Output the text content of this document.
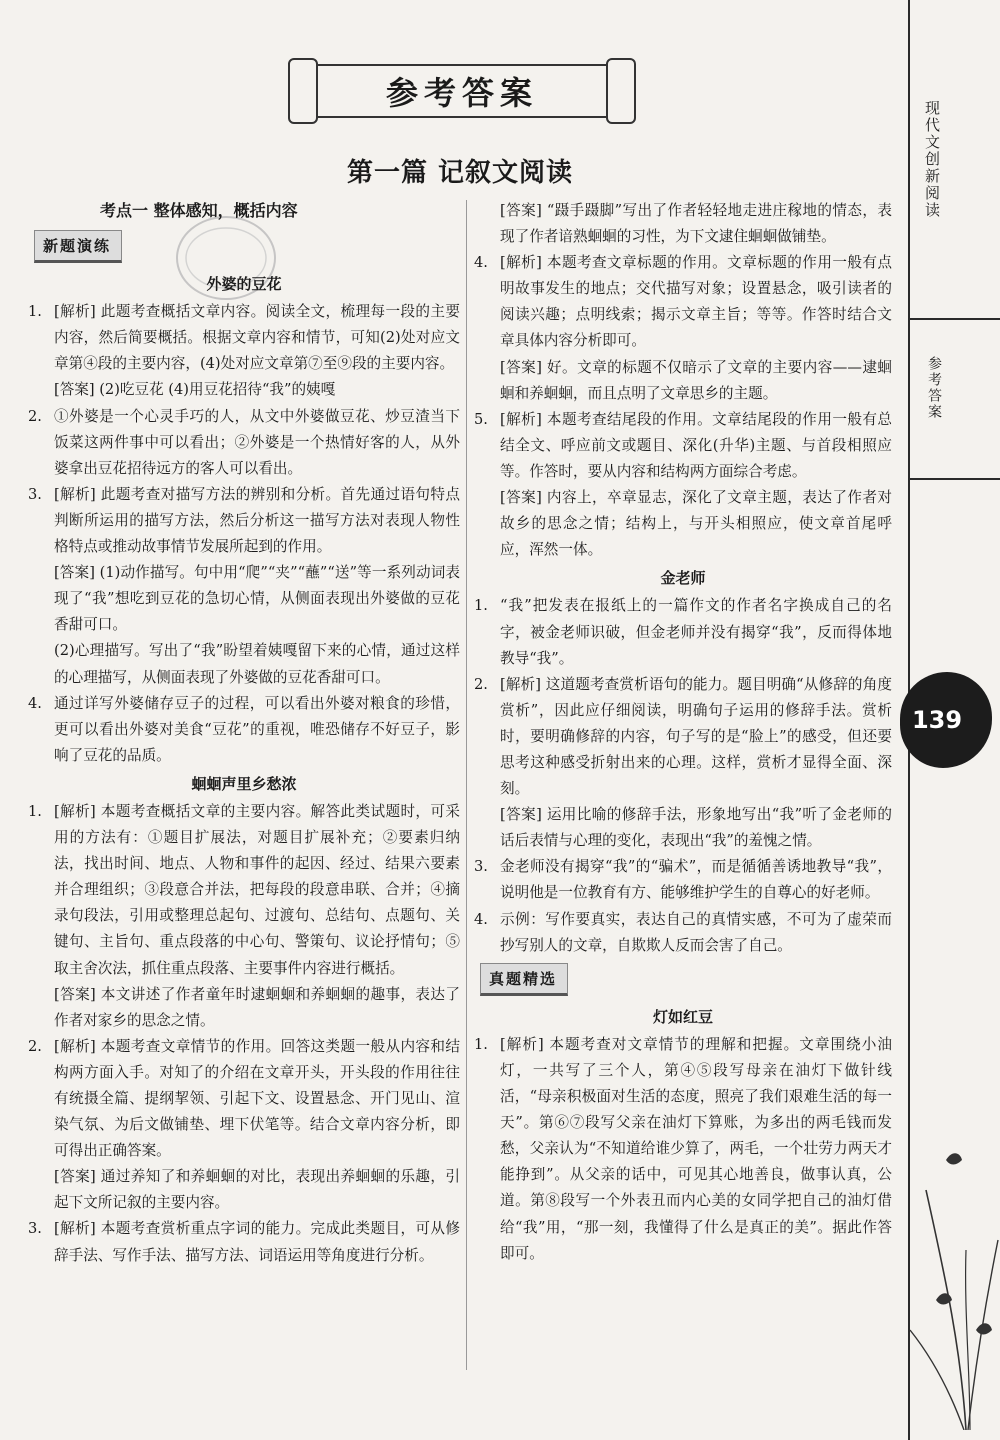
现代文创新阅读
参考答案
139
参考答案
第一篇 记叙文阅读
考点一 整体感知，概括内容
新题演练
外婆的豆花
1. [解析] 此题考查概括文章内容。阅读全文，梳理每一段的主要内容，然后简要概括。根据文章内容和情节，可知(2)处对应文章第④段的主要内容，(4)处对应文章第⑦至⑨段的主要内容。
[答案] (2)吃豆花 (4)用豆花招待“我”的姨嘎
2. ①外婆是一个心灵手巧的人，从文中外婆做豆花、炒豆渣当下饭菜这两件事中可以看出；②外婆是一个热情好客的人，从外婆拿出豆花招待远方的客人可以看出。
3. [解析] 此题考查对描写方法的辨别和分析。首先通过语句特点判断所运用的描写方法，然后分析这一描写方法对表现人物性格特点或推动故事情节发展所起到的作用。
[答案] (1)动作描写。句中用“爬”“夹”“蘸”“送”等一系列动词表现了“我”想吃到豆花的急切心情，从侧面表现出外婆做的豆花香甜可口。
(2)心理描写。写出了“我”盼望着姨嘎留下来的心情，通过这样的心理描写，从侧面表现了外婆做的豆花香甜可口。
4. 通过详写外婆储存豆子的过程，可以看出外婆对粮食的珍惜，更可以看出外婆对美食“豆花”的重视，唯恐储存不好豆子，影响了豆花的品质。
蛔蛔声里乡愁浓
1. [解析] 本题考查概括文章的主要内容。解答此类试题时，可采用的方法有：①题目扩展法，对题目扩展补充；②要素归纳法，找出时间、地点、人物和事件的起因、经过、结果六要素并合理组织；③段意合并法，把每段的段意串联、合并；④摘录句段法，引用或整理总起句、过渡句、总结句、点题句、关键句、主旨句、重点段落的中心句、警策句、议论抒情句；⑤取主舍次法，抓住重点段落、主要事件内容进行概括。
[答案] 本文讲述了作者童年时逮蛔蛔和养蛔蛔的趣事，表达了作者对家乡的思念之情。
2. [解析] 本题考查文章情节的作用。回答这类题一般从内容和结构两方面入手。对知了的介绍在文章开头，开头段的作用往往有统摄全篇、提纲挈领、引起下文、设置悬念、开门见山、渲染气氛、为后文做铺垫、埋下伏笔等。结合文章内容分析，即可得出正确答案。
[答案] 通过养知了和养蛔蛔的对比，表现出养蛔蛔的乐趣，引起下文所记叙的主要内容。
3. [解析] 本题考查赏析重点字词的能力。完成此类题目，可从修辞手法、写作手法、描写方法、词语运用等角度进行分析。
[答案] “蹑手蹑脚”写出了作者轻轻地走进庄稼地的情态，表现了作者谙熟蛔蛔的习性，为下文逮住蛔蛔做铺垫。
4. [解析] 本题考查文章标题的作用。文章标题的作用一般有点明故事发生的地点；交代描写对象；设置悬念，吸引读者的阅读兴趣；点明线索；揭示文章主旨；等等。作答时结合文章具体内容分析即可。
[答案] 好。文章的标题不仅暗示了文章的主要内容——逮蛔蛔和养蛔蛔，而且点明了文章思乡的主题。
5. [解析] 本题考查结尾段的作用。文章结尾段的作用一般有总结全文、呼应前文或题目、深化(升华)主题、与首段相照应等。作答时，要从内容和结构两方面综合考虑。
[答案] 内容上，卒章显志，深化了文章主题，表达了作者对故乡的思念之情；结构上，与开头相照应，使文章首尾呼应，浑然一体。
金老师
1. “我”把发表在报纸上的一篇作文的作者名字换成自己的名字，被金老师识破，但金老师并没有揭穿“我”，反而得体地教导“我”。
2. [解析] 这道题考查赏析语句的能力。题目明确“从修辞的角度赏析”，因此应仔细阅读，明确句子运用的修辞手法。赏析时，要明确修辞的内容，句子写的是“脸上”的感受，但还要思考这种感受折射出来的心理。这样，赏析才显得全面、深刻。
[答案] 运用比喻的修辞手法，形象地写出“我”听了金老师的话后表情与心理的变化，表现出“我”的羞愧之情。
3. 金老师没有揭穿“我”的“骗术”，而是循循善诱地教导“我”，说明他是一位教育有方、能够维护学生的自尊心的好老师。
4. 示例：写作要真实，表达自己的真情实感，不可为了虚荣而抄写别人的文章，自欺欺人反而会害了自己。
真题精选
灯如红豆
1. [解析] 本题考查对文章情节的理解和把握。文章围绕小油灯，一共写了三个人，第④⑤段写母亲在油灯下做针线活，“母亲积极面对生活的态度，照亮了我们艰难生活的每一天”。第⑥⑦段写父亲在油灯下算账，为多出的两毛钱而发愁，父亲认为“不知道给谁少算了，两毛，一个壮劳力两天才能挣到”。从父亲的话中，可见其心地善良，做事认真，公道。第⑧段写一个外表丑而内心美的女同学把自己的油灯借给“我”用，“那一刻，我懂得了什么是真正的美”。据此作答即可。
